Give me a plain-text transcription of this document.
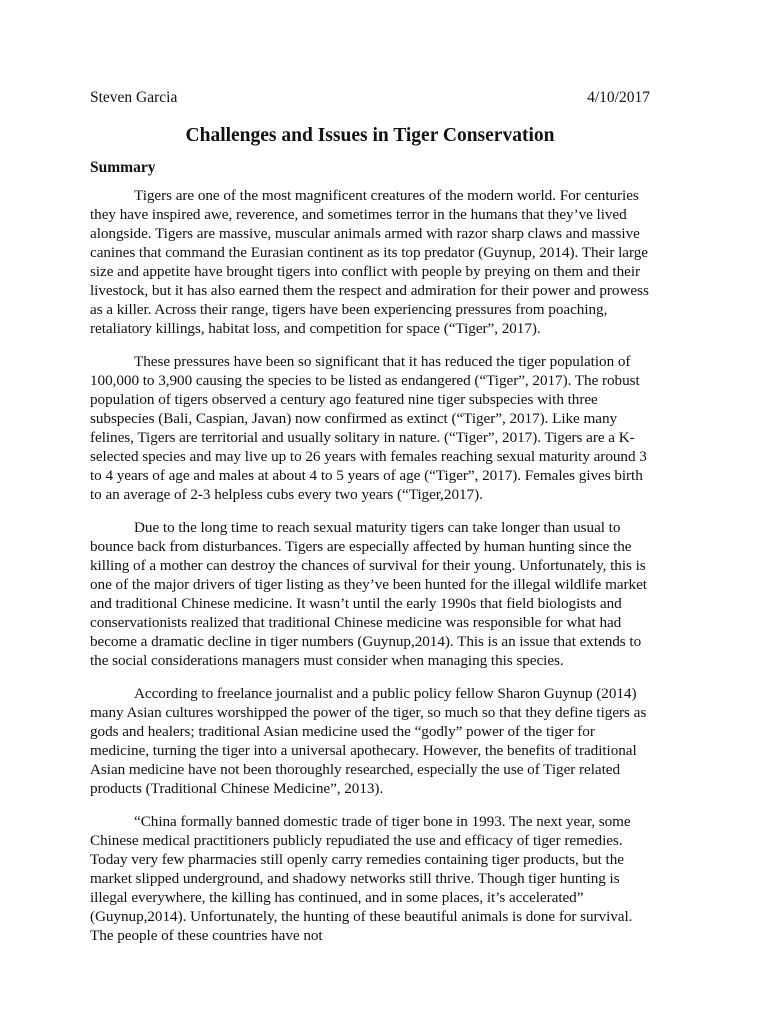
Steven Garcia	4/10/2017
Challenges and Issues in Tiger Conservation
Summary

Tigers are one of the most magnificent creatures of the modern world. For centuries they have inspired awe, reverence, and sometimes terror in the humans that they’ve lived alongside. Tigers are massive, muscular animals armed with razor sharp claws and massive canines that command the Eurasian continent as its top predator (Guynup, 2014). Their large size and appetite have brought tigers into conflict with people by preying on them and their livestock, but it has also earned them the respect and admiration for their power and prowess as a killer. Across their range, tigers have been experiencing pressures from poaching, retaliatory killings, habitat loss, and competition for space (“Tiger”, 2017).

These pressures have been so significant that it has reduced the tiger population of 100,000 to 3,900 causing the species to be listed as endangered (“Tiger”, 2017). The robust population of tigers observed a century ago featured nine tiger subspecies with three subspecies (Bali, Caspian, Javan) now confirmed as extinct (“Tiger”, 2017). Like many felines, Tigers are territorial and usually solitary in nature. (“Tiger”, 2017). Tigers are a K-selected species and may live up to 26 years with females reaching sexual maturity around 3 to 4 years of age and males at about 4 to 5 years of age (“Tiger”, 2017). Females gives birth to an average of 2-3 helpless cubs every two years (“Tiger,2017).

Due to the long time to reach sexual maturity tigers can take longer than usual to bounce back from disturbances. Tigers are especially affected by human hunting since the killing of a mother can destroy the chances of survival for their young. Unfortunately, this is one of the major drivers of tiger listing as they’ve been hunted for the illegal wildlife market and traditional Chinese medicine. It wasn’t until the early 1990s that field biologists and conservationists realized that traditional Chinese medicine was responsible for what had become a dramatic decline in tiger numbers (Guynup,2014). This is an issue that extends to the social considerations managers must consider when managing this species.

According to freelance journalist and a public policy fellow Sharon Guynup (2014) many Asian cultures worshipped the power of the tiger, so much so that they define tigers as gods and healers; traditional Asian medicine used the “godly” power of the tiger for medicine, turning the tiger into a universal apothecary. However, the benefits of traditional Asian medicine have not been thoroughly researched, especially the use of Tiger related products (Traditional Chinese Medicine”, 2013).

“China formally banned domestic trade of tiger bone in 1993. The next year, some Chinese medical practitioners publicly repudiated the use and efficacy of tiger remedies. Today very few pharmacies still openly carry remedies containing tiger products, but the market slipped underground, and shadowy networks still thrive. Though tiger hunting is illegal everywhere, the killing has continued, and in some places, it’s accelerated” (Guynup,2014). Unfortunately, the hunting of these beautiful animals is done for survival. The people of these countries have not
